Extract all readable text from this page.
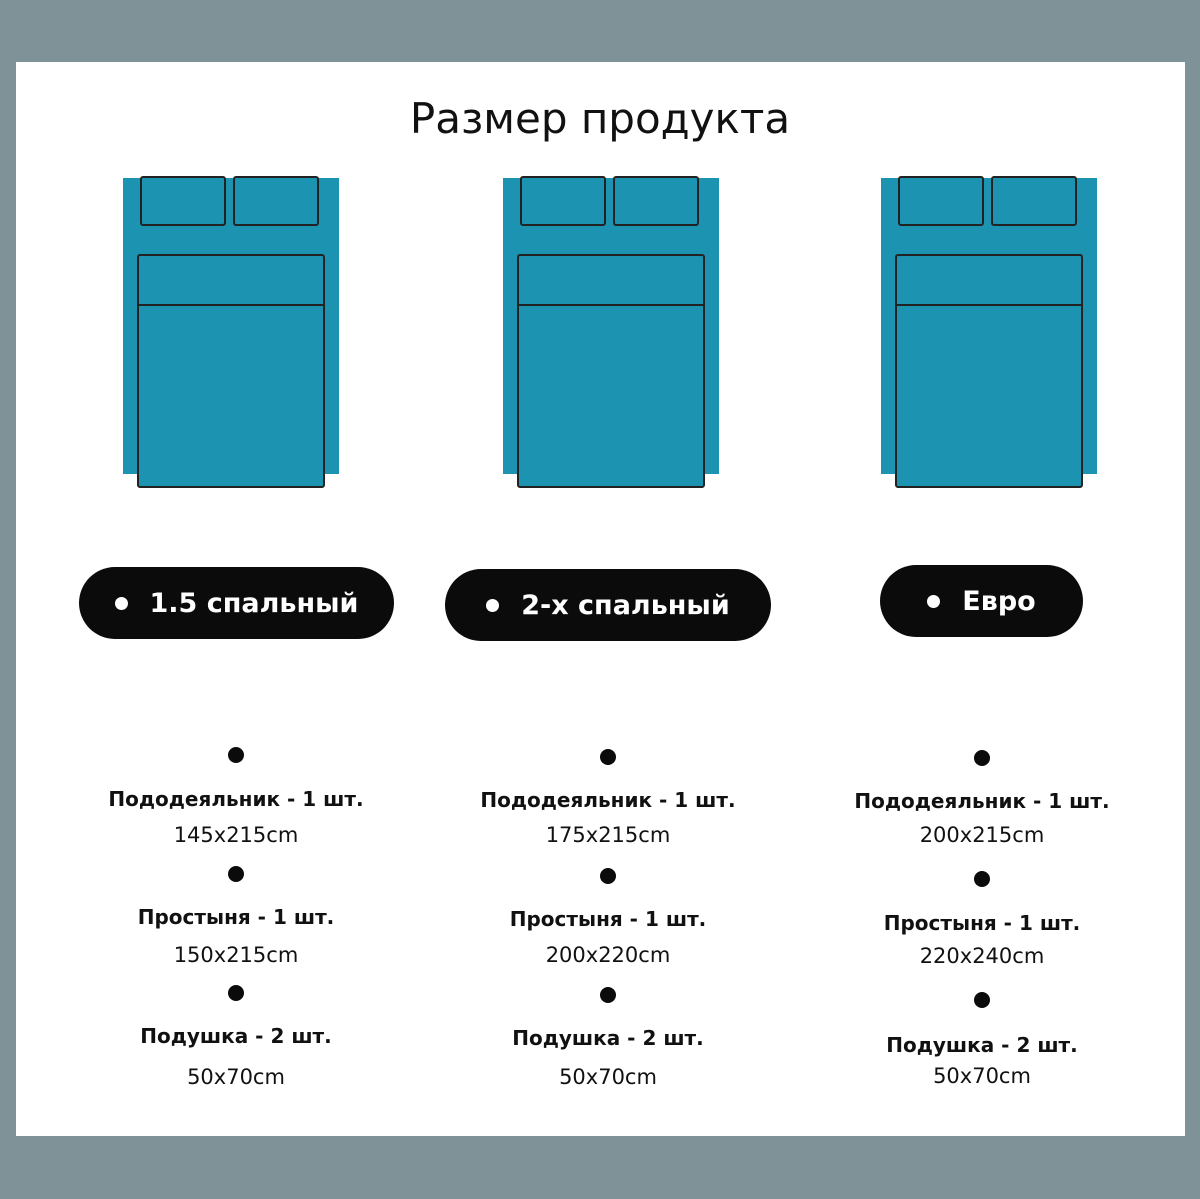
Размер продукта
1.5 спальный	2-х спальный	Евро
Пододеяльник - 1 шт.
145x215cm
Простыня - 1 шт.
150x215cm
Подушка - 2 шт.
50x70cm
Пододеяльник - 1 шт.
175x215cm
Простыня - 1 шт.
200x220cm
Подушка - 2 шт.
50x70cm
Пододеяльник - 1 шт.
200x215cm
Простыня - 1 шт.
220x240cm
Подушка - 2 шт.
50x70cm
